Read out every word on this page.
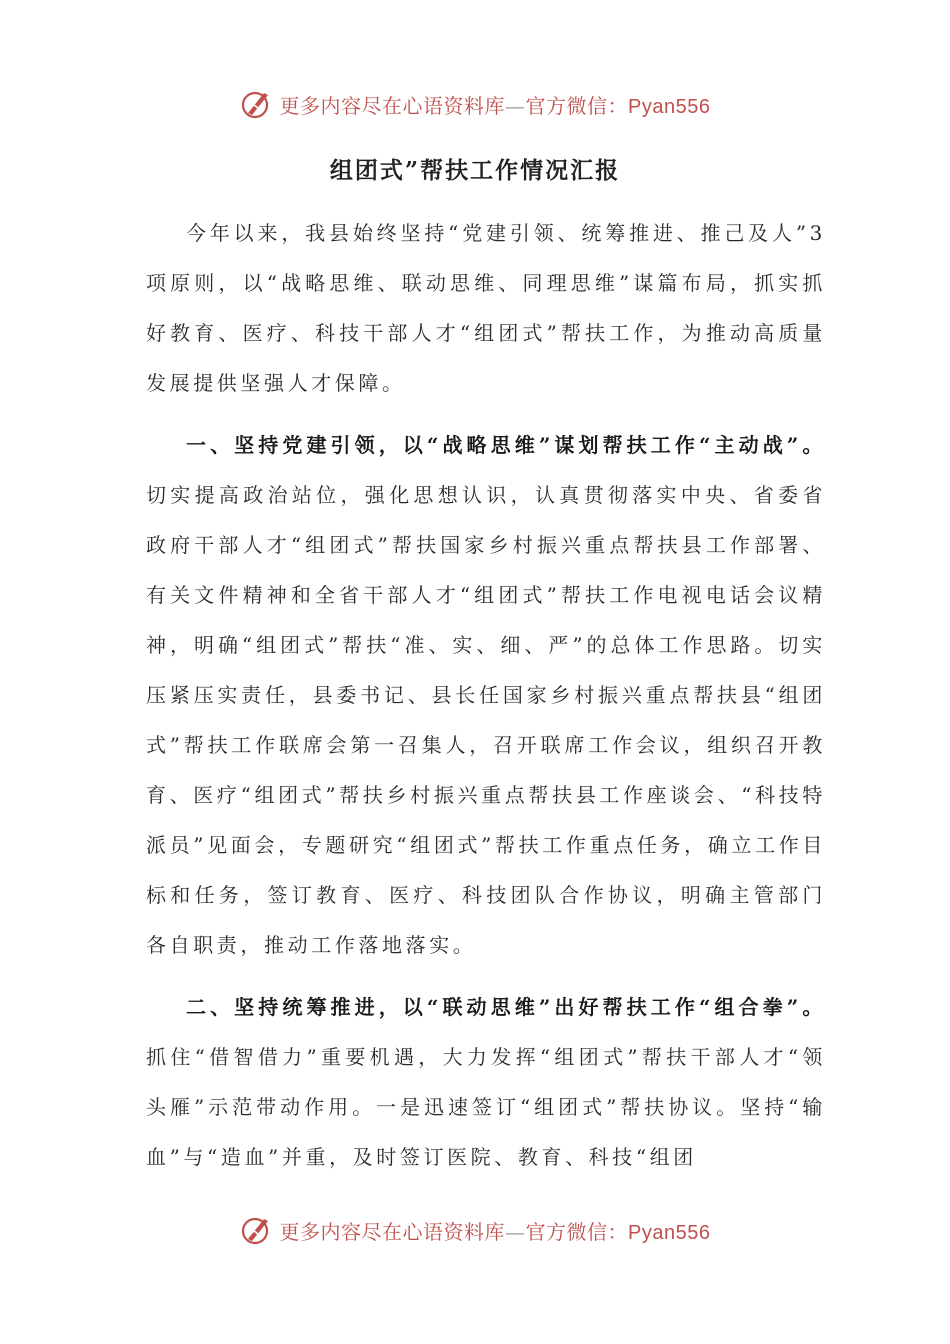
更多内容尽在心语资料库—官方微信：Pyan556
组团式”帮扶工作情况汇报

今年以来，我县始终坚持“党建引领、统筹推进、推己及人”3项原则，以“战略思维、联动思维、同理思维”谋篇布局，抓实抓好教育、医疗、科技干部人才“组团式”帮扶工作，为推动高质量发展提供坚强人才保障。

一、坚持党建引领，以“战略思维”谋划帮扶工作“主动战”。切实提高政治站位，强化思想认识，认真贯彻落实中央、省委省政府干部人才“组团式”帮扶国家乡村振兴重点帮扶县工作部署、有关文件精神和全省干部人才“组团式”帮扶工作电视电话会议精神，明确“组团式”帮扶“准、实、细、严”的总体工作思路。切实压紧压实责任，县委书记、县长任国家乡村振兴重点帮扶县“组团式”帮扶工作联席会第一召集人，召开联席工作会议，组织召开教育、医疗“组团式”帮扶乡村振兴重点帮扶县工作座谈会、“科技特派员”见面会，专题研究“组团式”帮扶工作重点任务，确立工作目标和任务，签订教育、医疗、科技团队合作协议，明确主管部门各自职责，推动工作落地落实。

二、坚持统筹推进，以“联动思维”出好帮扶工作“组合拳”。抓住“借智借力”重要机遇，大力发挥“组团式”帮扶干部人才“领头雁”示范带动作用。一是迅速签订“组团式”帮扶协议。坚持“输血”与“造血”并重，及时签订医院、教育、科技“组团

更多内容尽在心语资料库—官方微信：Pyan556
